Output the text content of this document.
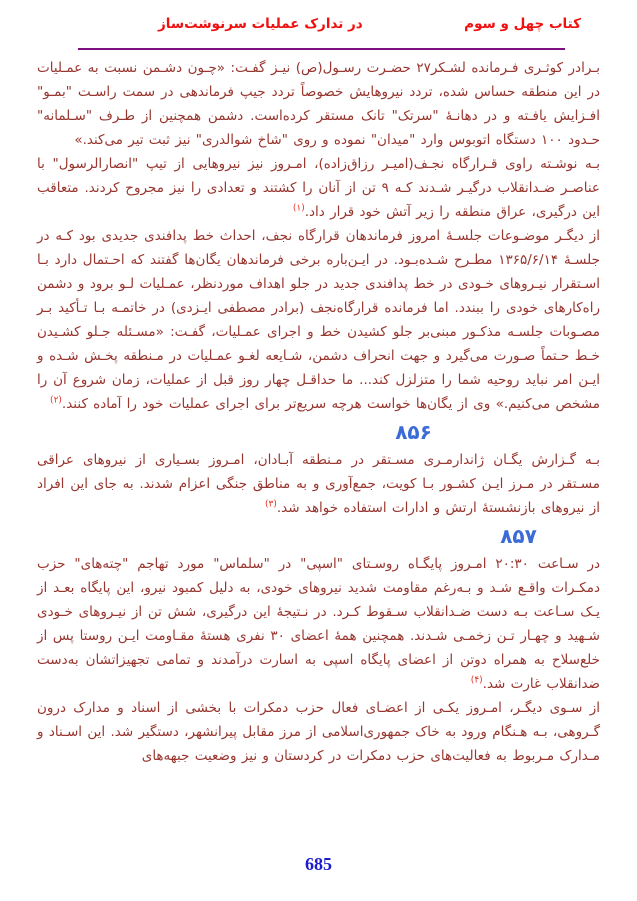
در تدارک عملیات سرنوشت‌ساز	كتاب چهل و سوم

بـرادر کوثـری فـرمانده لشـکر۲۷ حضـرت رسـول(ص) نیـز گفـت: «چـون دشـمن نسبت به عمـلیات در این منطقه حساس شده، تردد نیروهایش خصوصاً تردد جیپ فرماندهی در سمت راسـت "بمـو" افـزایش یافـته و در دهانـهٔ "سرتک" تانک مستقر کرده‌است. دشمن همچنین از طـرف "سـلمانه" حـدود ۱۰۰ دستگاه اتوبوس وارد "میدان" نموده و روی "شاخ شوالدری" نیز ثبت تیر می‌کند.»

بـه نوشـته راوی قـرارگاه نجـف(امیـر رزاق‌زاده)، امـروز نیز نیروهایی از تیپ "انصارالرسول" با عناصـر ضـدانقلاب درگیـر شـدند کـه ۹ تن از آنان را کشتند و تعدادی را نیز مجروح کردند. متعاقب این درگیری، عراق منطقه را زیر آتش خود قرار داد.$^{(۱)}$

از دیگـر موضـوعات جلسـهٔ امروز فرماندهان قرارگاه نجف، احداث خط پدافندی جدیدی بود کـه در جلسـهٔ ۱۳۶۵/۶/۱۴ مطـرح شـده‌بـود. در ایـن‌باره برخی فرماندهان یگان‌ها گفتند که احـتمال دارد بـا اسـتقرار نیـروهای خـودی در خط پدافندی جدید در جلو اهداف موردنظر، عمـلیات لـو برود و دشمن راه‌کارهای خودی را ببندد. اما فرمانده قرارگاه‌نجف (برادر مصطفی ایـزدی) در خاتمـه بـا تـأکید بـر مصـوبات جلسـه مذکـور مبنی‌بر جلو کشیدن خط و اجرای عمـلیات، گفـت: «مسـئله جـلو کشـیدن خـط حـتماً صـورت می‌گیرد و جهت انحراف دشمن، شـایعه لغـو عمـلیات در مـنطقه پخـش شـده و ایـن امر نباید روحیه شما را متزلزل کند... ما حداقـل چهار روز قبل از عملیات، زمان شروع آن را مشخص می‌کنیم.» وی از یگان‌ها خواست هرچه سریع‌تر برای اجرای عملیات خود را آماده کنند.$^{(۲)}$

۸۵۶

بـه گـزارش یگـان ژاندارمـری مسـتقر در مـنطقه آبـادان، امـروز بسـیاری از نیروهای عراقی مسـتقر در مـرز ایـن کشـور بـا کویت، جمع‌آوری و به مناطق جنگی اعزام شدند. به جای این افراد از نیروهای بازنشستهٔ ارتش و ادارات استفاده خواهد شد.$^{(۳)}$

۸۵۷

در سـاعت ۲۰:۳۰ امـروز پایگـاه روسـتای "اسپی" در "سلماس" مورد تهاجم "چته‌های" حزب دمکـرات واقـع شـد و بـه‌رغم مقاومت شدید نیروهای خودی، به دلیل کمبود نیرو، این پایگاه بعـد از یـک سـاعت بـه دست ضـدانقلاب سـقوط کـرد. در نـتیجهٔ این درگیری، شش تن از نیـروهای خـودی شـهید و چهـار تـن زخمـی شـدند. همچنین همهٔ اعضای ۳۰ نفری هستهٔ مقـاومت ایـن روستا پس از خلع‌سلاح به همراه دوتن از اعضای پایگاه اسپی به اسارت درآمدند و تمامی تجهیزاتشان به‌دست ضدانقلاب غارت شد.$^{(۴)}$

از سـوی دیگـر، امـروز یکـی از اعضـای فعال حزب دمکرات با بخشی از اسناد و مدارک درون گـروهی، بـه هـنگام ورود به خاک جمهوری‌اسلامی از مرز مقابل پیرانشهر، دستگیر شد. این اسـناد و مـدارک مـربوط به فعالیت‌های حزب دمکرات در کردستان و نیز وضعیت جبهه‌های

685
